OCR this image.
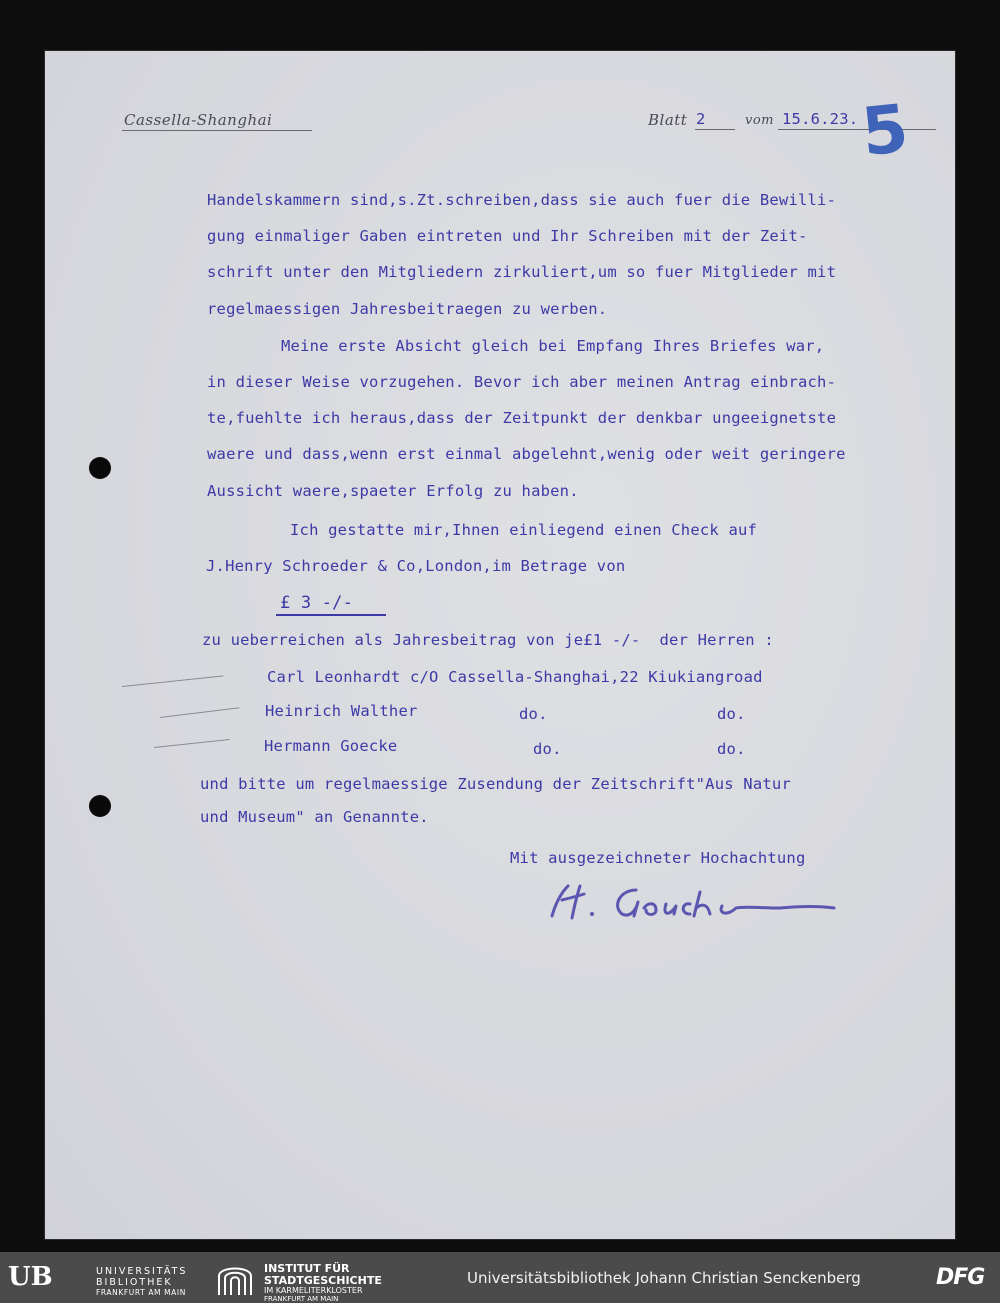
Cassella-Shanghai	Blatt 2	vom 15.6.23. 5
Handelskammern sind,s.Zt.schreiben,dass sie auch fuer die Bewilli-
gung einmaliger Gaben eintreten und Ihr Schreiben mit der Zeit-
schrift unter den Mitgliedern zirkuliert,um so fuer Mitglieder mit
regelmaessigen Jahresbeitraegen zu werben.
Meine erste Absicht gleich bei Empfang Ihres Briefes war,
in dieser Weise vorzugehen. Bevor ich aber meinen Antrag einbrach-
te,fuehlte ich heraus,dass der Zeitpunkt der denkbar ungeeignetste
waere und dass,wenn erst einmal abgelehnt,wenig oder weit geringere
Aussicht waere,spaeter Erfolg zu haben.
Ich gestatte mir,Ihnen einliegend einen Check auf
J.Henry Schroeder & Co,London,im Betrage von
£ 3 -/-
zu ueberreichen als Jahresbeitrag von je£1 -/-  der Herren :
Carl Leonhardt c/O Cassella-Shanghai,22 Kiukiangroad
Heinrich Walther	do.	do.
Hermann Goecke	do.	do.
und bitte um regelmaessige Zusendung der Zeitschrift"Aus Natur
und Museum" an Genannte.
Mit ausgezeichneter Hochachtung
UB	UNIVERSITÄTS
BIBLIOTHEK
FRANKFURT AM MAIN
INSTITUT FÜR
STADTGESCHICHTE
IM KARMELITERKLOSTER
FRANKFURT AM MAIN
Universitätsbibliothek Johann Christian Senckenberg	DFG
